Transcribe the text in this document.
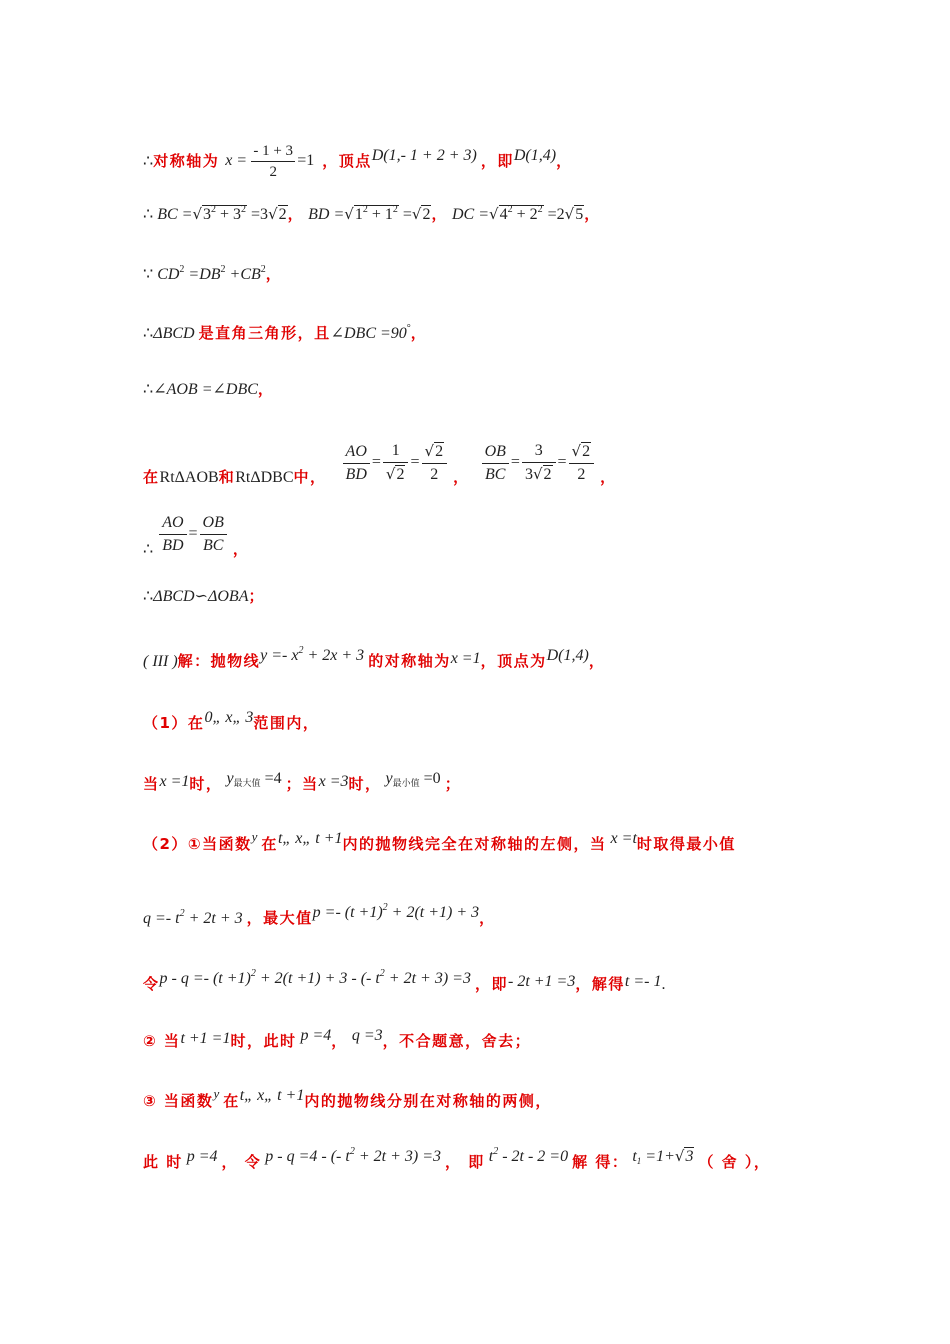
∴对称轴为 $x = \frac{- 1 + 3}{2} =1$ ，顶点D(1,- 1 + 2 + 3) ，即D(1,4)，
∴ BC $=√3^2 + 3^2 =3√2$， BD $=√1^2 + 1^2 =√2$， DC $=√4^2 + 2^2 =2√5$，
∵ $CD^2 =DB^2 +CB^2$，
∴ΔBCD 是直角三角形，且∠DBC =90°，
∴∠AOB =∠DBC，
在RtΔAOB和RtΔDBC中， $\frac{AO}{BD} = \frac{1}{√2} = \frac{√2}{2}$ ， $\frac{OB}{BC} = \frac{3}{3√2} = \frac{√2}{2}$ ，
∴ $\frac{AO}{BD} = \frac{OB}{BC}$ ，
∴ΔBCD∽ΔOBA；
( III )解：抛物线$y =- x^2 + 2x + 3$ 的对称轴为x =1，顶点为D(1,4)，
（1）在0„ x„ 3范围内，
当x =1时， y最大值 =4 ；当x =3时， y最小值 =0 ；
（2）①当函数$^y$ 在t„ x„ t +1内的抛物线完全在对称轴的左侧，当 x =t时取得最小值
$q =- t^2 + 2t + 3$ ，最大值$p =- (t +1)^2 + 2(t +1) + 3$，
令$p - q =- (t +1)^2 + 2(t +1) + 3$ - (- $t^2 + 2t + 3) =3$ ，即- 2t +1 =3，解得t =- 1.
② 当t +1 =1时，此时 p =4， q =3，不合题意，舍去；
③ 当函数$^y$ 在t„ x„ t +1内的抛物线分别在对称轴的两侧，
此 时 p =4 ， 令 p - q =4 - (- $t^2 + 2t + 3) =3$ ， 即 $t^2 - 2t - 2 =0$ 解 得： $t_1 =1+√3$ （ 舍 ），
